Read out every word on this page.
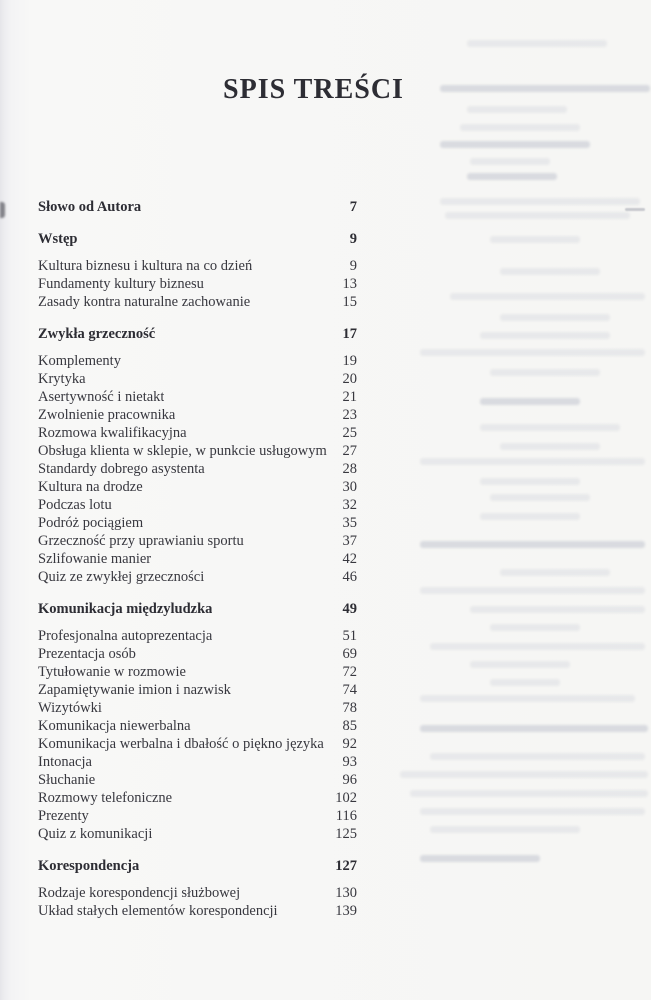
SPIS TREŚCI
Słowo od Autora	7
Wstęp	9
Kultura biznesu i kultura na co dzień	9
Fundamenty kultury biznesu	13
Zasady kontra naturalne zachowanie	15
Zwykła grzeczność	17
Komplementy	19
Krytyka	20
Asertywność i nietakt	21
Zwolnienie pracownika	23
Rozmowa kwalifikacyjna	25
Obsługa klienta w sklepie, w punkcie usługowym	27
Standardy dobrego asystenta	28
Kultura na drodze	30
Podczas lotu	32
Podróż pociągiem	35
Grzeczność przy uprawianiu sportu	37
Szlifowanie manier	42
Quiz ze zwykłej grzeczności	46
Komunikacja międzyludzka	49
Profesjonalna autoprezentacja	51
Prezentacja osób	69
Tytułowanie w rozmowie	72
Zapamiętywanie imion i nazwisk	74
Wizytówki	78
Komunikacja niewerbalna	85
Komunikacja werbalna i dbałość o piękno języka	92
Intonacja	93
Słuchanie	96
Rozmowy telefoniczne	102
Prezenty	116
Quiz z komunikacji	125
Korespondencja	127
Rodzaje korespondencji służbowej	130
Układ stałych elementów korespondencji	139
